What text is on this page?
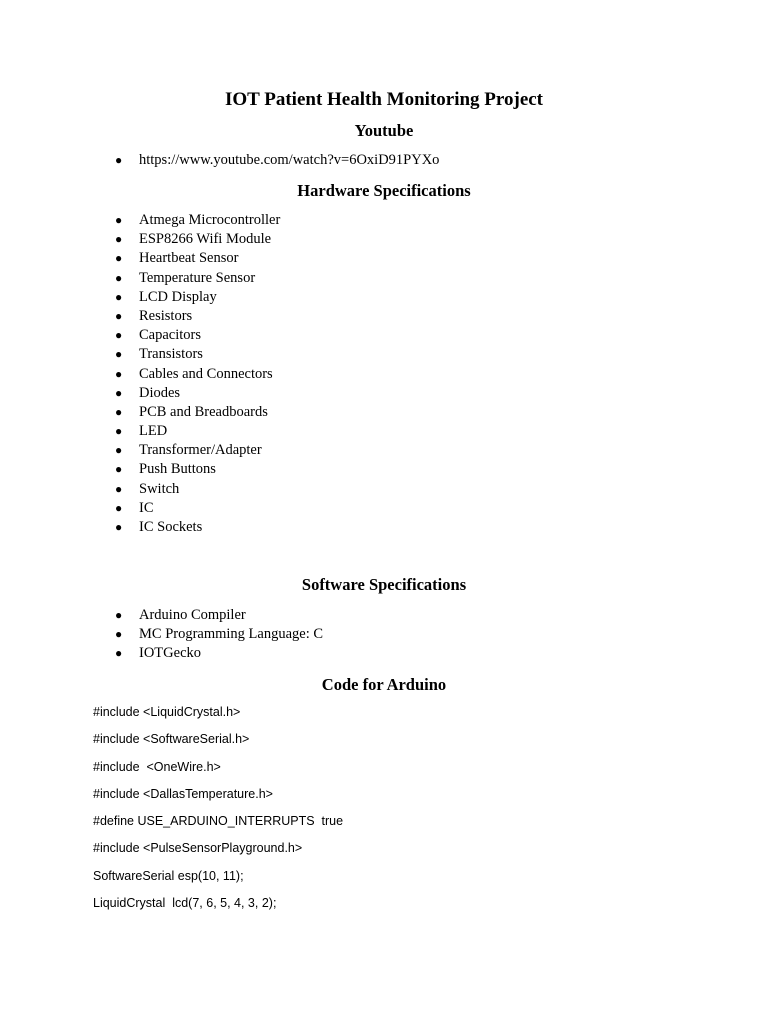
IOT Patient Health Monitoring Project
Youtube
● https://www.youtube.com/watch?v=6OxiD91PYXo
Hardware Specifications
● Atmega Microcontroller
● ESP8266 Wifi Module
● Heartbeat Sensor
● Temperature Sensor
● LCD Display
● Resistors
● Capacitors
● Transistors
● Cables and Connectors
● Diodes
● PCB and Breadboards
● LED
● Transformer/Adapter
● Push Buttons
● Switch
● IC
● IC Sockets
Software Specifications
● Arduino Compiler
● MC Programming Language: C
● IOTGecko
Code for Arduino
#include <LiquidCrystal.h>
#include <SoftwareSerial.h>
#include  <OneWire.h>
#include <DallasTemperature.h>
#define USE_ARDUINO_INTERRUPTS  true
#include <PulseSensorPlayground.h>
SoftwareSerial esp(10, 11);
LiquidCrystal  lcd(7, 6, 5, 4, 3, 2);
